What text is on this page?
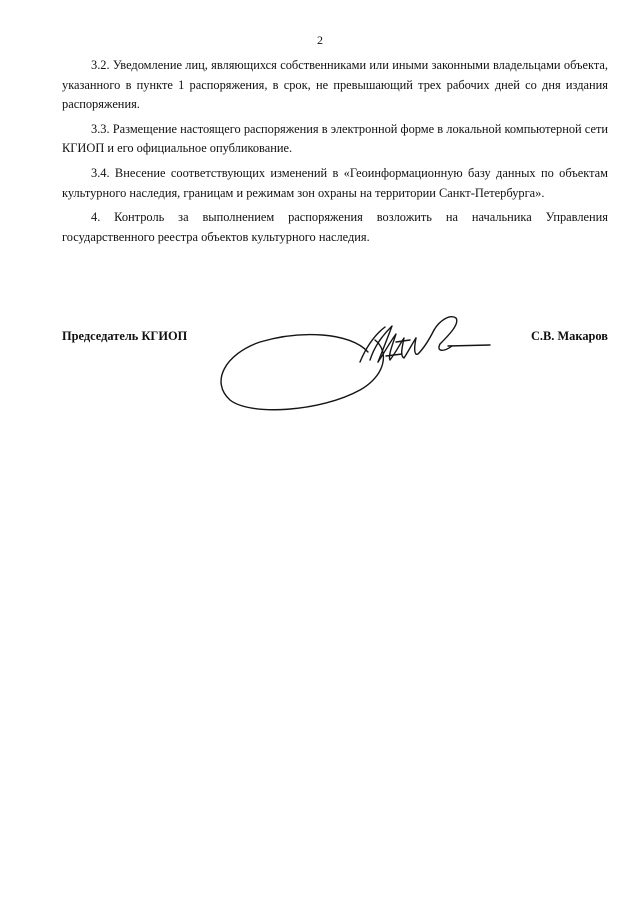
2

3.2. Уведомление лиц, являющихся собственниками или иными законными владельцами объекта, указанного в пункте 1 распоряжения, в срок, не превышающий трех рабочих дней со дня издания распоряжения.

3.3. Размещение настоящего распоряжения в электронной форме в локальной компьютерной сети КГИОП и его официальное опубликование.

3.4. Внесение соответствующих изменений в «Геоинформационную базу данных по объектам культурного наследия, границам и режимам зон охраны на территории Санкт-Петербурга».

4. Контроль за выполнением распоряжения возложить на начальника Управления государственного реестра объектов культурного наследия.

Председатель КГИОП	С.В. Макаров
